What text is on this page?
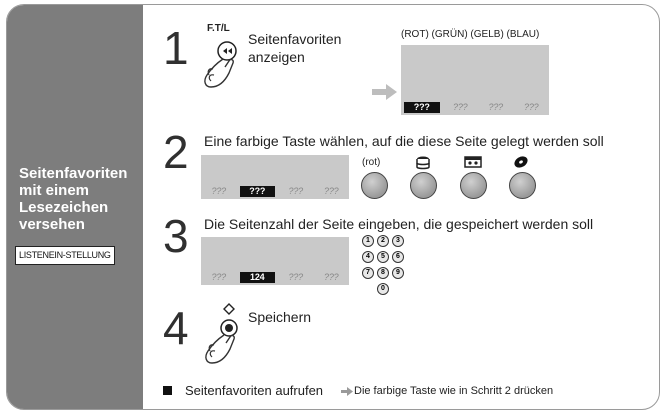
Seitenfavoriten
mit einem
Lesezeichen
versehen
LISTENEIN-STELLUNG
1 F.T/L
Seitenfavoriten
anzeigen
(ROT) (GRÜN) (GELB) (BLAU)
???	???	???	???
2 Eine farbige Taste wählen, auf die diese Seite gelegt werden soll
???	???	???	???
(rot)
3 Die Seitenzahl der Seite eingeben, die gespeichert werden soll
???	124	???	???
1	2	3
4	5	6
7	8	9
0
4	Speichern
Seitenfavoriten aufrufen	Die farbige Taste wie in Schritt 2 drücken
